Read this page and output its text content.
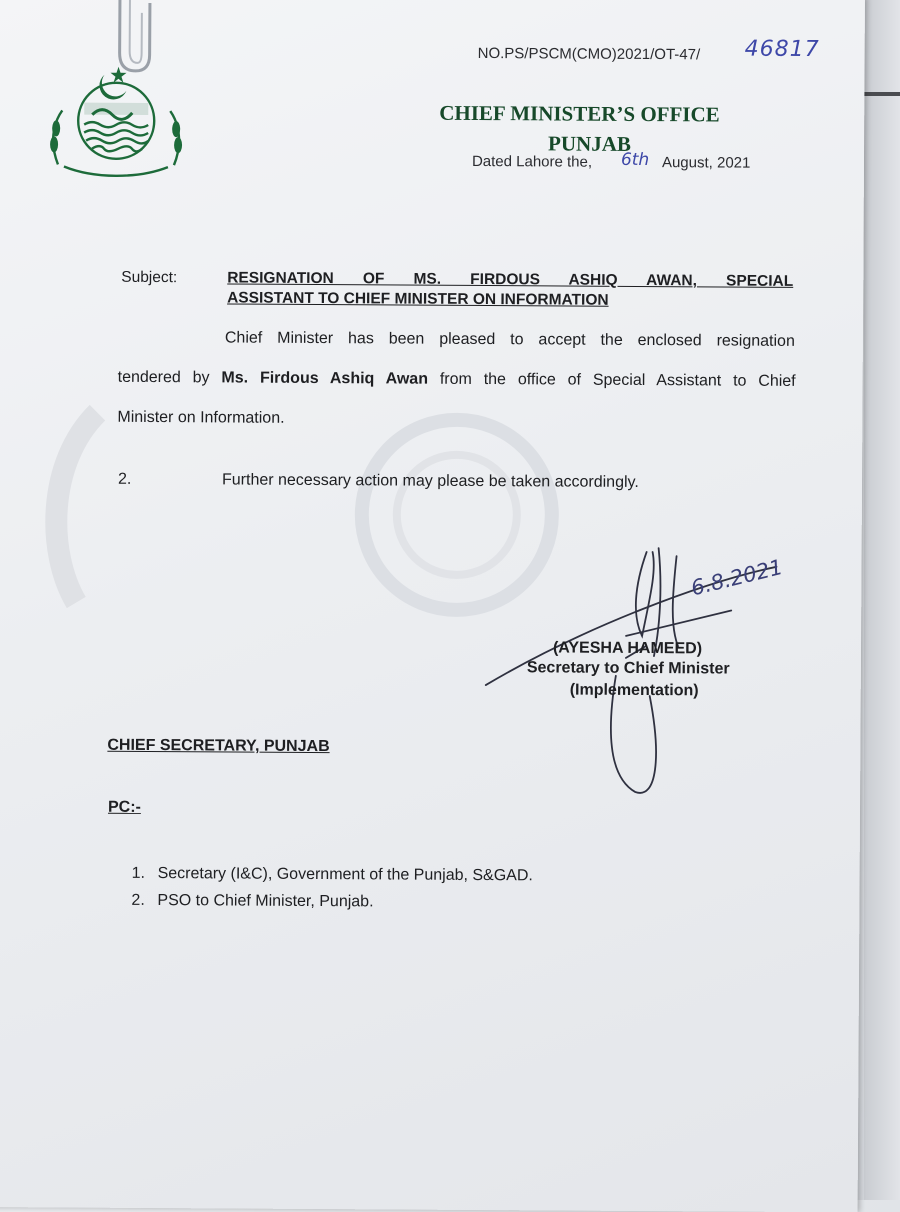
NO.PS/PSCM(CMO)2021/OT-47/ 46817
CHIEF MINISTER’S OFFICE
PUNJAB
Dated Lahore the, 6th August, 2021
Subject:	RESIGNATION OF MS. FIRDOUS ASHIQ AWAN, SPECIAL
ASSISTANT TO CHIEF MINISTER ON INFORMATION
Chief Minister has been pleased to accept the enclosed resignation
tendered by Ms. Firdous Ashiq Awan from the office of Special Assistant to Chief
Minister on Information.
2.	Further necessary action may please be taken accordingly.
6.8.2021
(AYESHA HAMEED)
Secretary to Chief Minister
(Implementation)
CHIEF SECRETARY, PUNJAB
PC:-
1. Secretary (I&C), Government of the Punjab, S&GAD.
2. PSO to Chief Minister, Punjab.
